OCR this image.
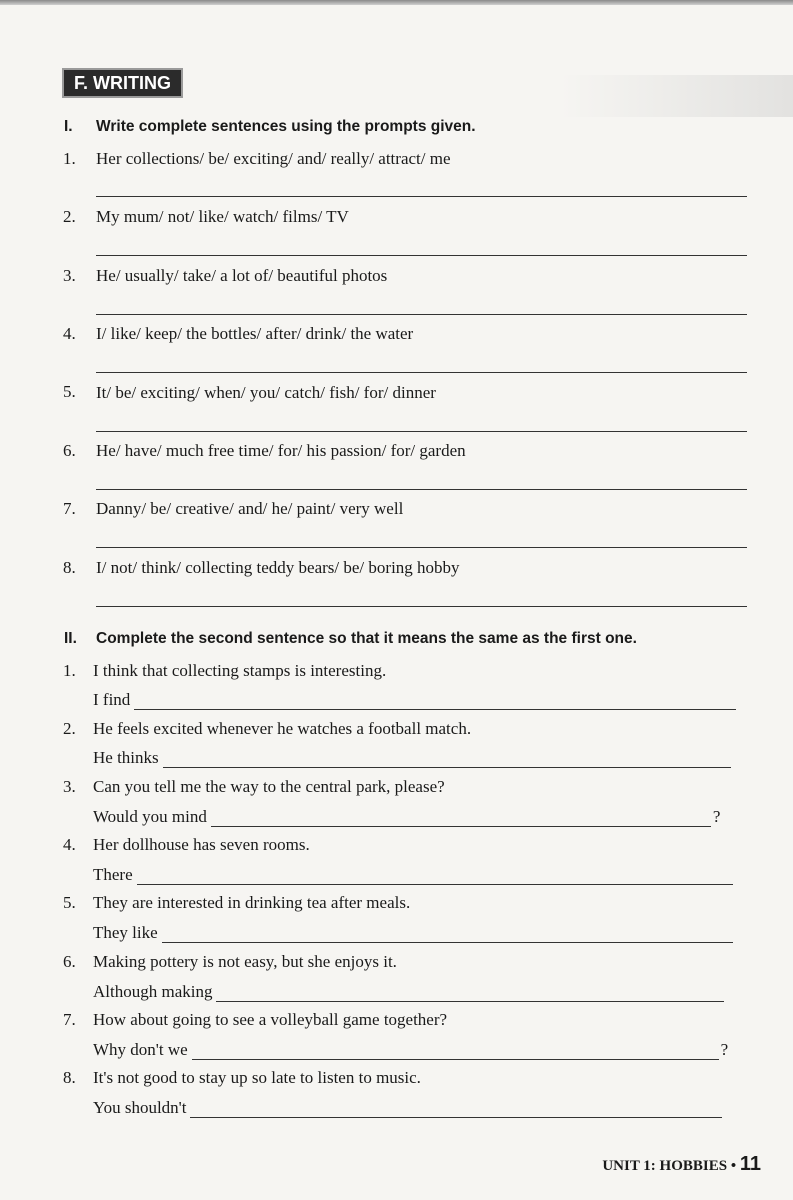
F. WRITING
I. Write complete sentences using the prompts given.
1. Her collections/ be/ exciting/ and/ really/ attract/ me
2. My mum/ not/ like/ watch/ films/ TV
3. He/ usually/ take/ a lot of/ beautiful photos
4. I/ like/ keep/ the bottles/ after/ drink/ the water
5. It/ be/ exciting/ when/ you/ catch/ fish/ for/ dinner
6. He/ have/ much free time/ for/ his passion/ for/ garden
7. Danny/ be/ creative/ and/ he/ paint/ very well
8. I/ not/ think/ collecting teddy bears/ be/ boring hobby
II. Complete the second sentence so that it means the same as the first one.
1. I think that collecting stamps is interesting.
I find
2. He feels excited whenever he watches a football match.
He thinks
3. Can you tell me the way to the central park, please?
Would you mind	?
4. Her dollhouse has seven rooms.
There
5. They are interested in drinking tea after meals.
They like
6. Making pottery is not easy, but she enjoys it.
Although making
7. How about going to see a volleyball game together?
Why don't we	?
8. It's not good to stay up so late to listen to music.
You shouldn't
UNIT 1: HOBBIES • 11
